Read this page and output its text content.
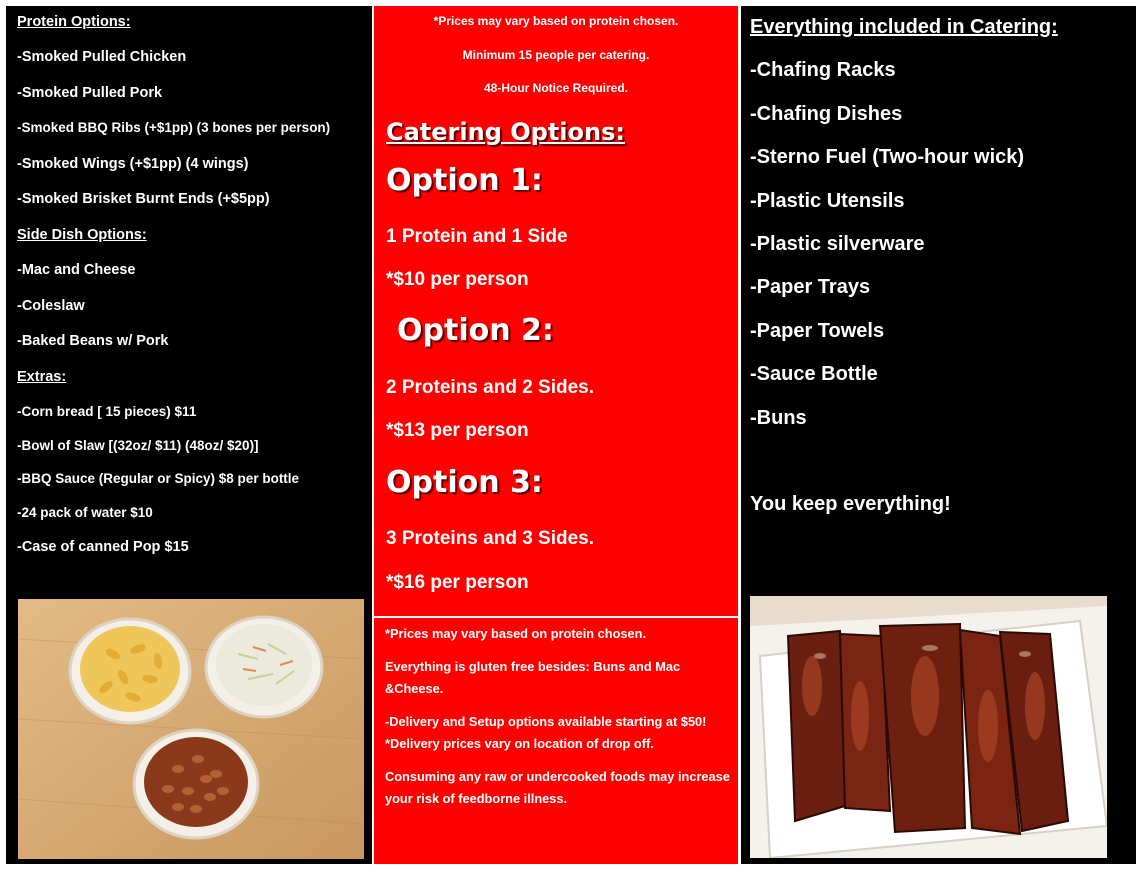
Protein Options:

-Smoked Pulled Chicken

-Smoked Pulled Pork

-Smoked BBQ Ribs (+$1pp) (3 bones per person)

-Smoked Wings (+$1pp) (4 wings)

-Smoked Brisket Burnt Ends (+$5pp)

Side Dish Options:

-Mac and Cheese

-Coleslaw

-Baked Beans w/ Pork

Extras:

-Corn bread [ 15 pieces) $11

-Bowl of Slaw [(32oz/ $11) (48oz/ $20)]

-BBQ Sauce (Regular or Spicy) $8 per bottle

-24 pack of water $10

-Case of canned Pop $15

*Prices may vary based on protein chosen.

Minimum 15 people per catering.

48-Hour Notice Required.

Catering Options:

Option 1:

1 Protein and 1 Side

*$10 per person

Option 2:

2 Proteins and 2 Sides.

*$13 per person

Option 3:

3 Proteins and 3 Sides.

*$16 per person

*Prices may vary based on protein chosen.

Everything is gluten free besides: Buns and Mac &Cheese.

-Delivery and Setup options available starting at $50! *Delivery prices vary on location of drop off.

Consuming any raw or undercooked foods may increase your risk of feedborne illness.

Everything included in Catering:

-Chafing Racks

-Chafing Dishes

-Sterno Fuel (Two-hour wick)

-Plastic Utensils

-Plastic silverware

-Paper Trays

-Paper Towels

-Sauce Bottle

-Buns

You keep everything!
